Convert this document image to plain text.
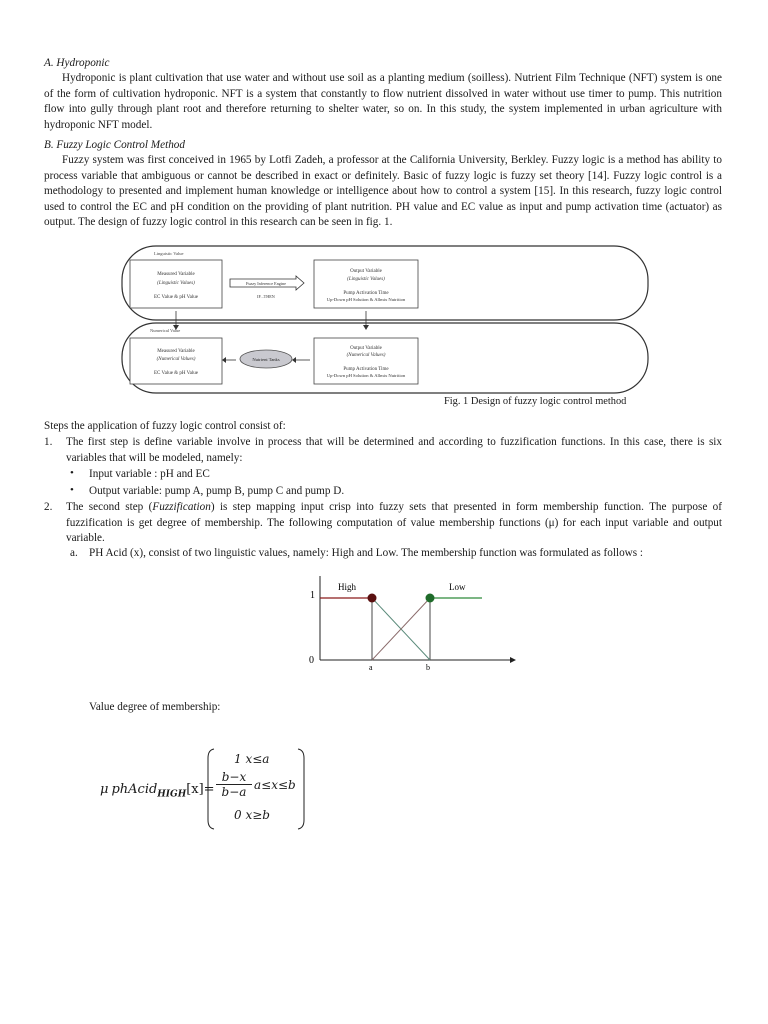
A. Hydroponic
Hydroponic is plant cultivation that use water and without use soil as a planting medium (soilless). Nutrient Film Technique (NFT) system is one of the form of cultivation hydroponic. NFT is a system that constantly to flow nutrient dissolved in water without use timer to pump. This nutrition flow into gully through plant root and therefore returning to shelter water, so on. In this study, the system implemented in urban agriculture with hydroponic NFT model.
B. Fuzzy Logic Control Method
Fuzzy system was first conceived in 1965 by Lotfi Zadeh, a professor at the California University, Berkley. Fuzzy logic is a method has ability to process variable that ambiguous or cannot be described in exact or definitely. Basic of fuzzy logic is fuzzy set theory [14]. Fuzzy logic control is a methodology to presented and implement human knowledge or intelligence about how to control a system [15]. In this research, fuzzy logic control used to control the EC and pH condition on the providing of plant nutrition. PH value and EC value as input and pump activation time (actuator) as output. The design of fuzzy logic control in this research can be seen in fig. 1.
Linguistic Value
Measured Variable
(Linguistic Values)
EC Value & pH Value
Fuzzy Inference Engine
IF...THEN
Output Variable
(Linguistic Values)
Pump Activation Time
Up-Down pH Solution & Allmix Nutrition
Numerical Value
Measured Variable
(Numerical Values)
EC Value & pH Value
Nutrient Tanks
Output Variable
(Numerical Values)
Pump Activation Time
Up-Down pH Solution & Allmix Nutrition
Fig. 1 Design of fuzzy logic control method
Steps the application of fuzzy logic control consist of:
1. The first step is define variable involve in process that will be determined and according to fuzzification functions. In this case, there is six variables that will be modeled, namely:
• Input variable : pH and EC
• Output variable: pump A, pump B, pump C and pump D.
2. The second step (Fuzzification) is step mapping input crisp into fuzzy sets that presented in form membership function. The purpose of fuzzification is get degree of membership. The following computation of value membership functions (μ) for each input variable and output variable.
a. PH Acid (x), consist of two linguistic values, namely: High and Low. The membership function was formulated as follows :
1
0
High	Low
a	b
Value degree of membership:
μ phAcid$_{HIGH}$[x]=
1 x≤a
$\frac{b-x}{b-a} a\le x\le b$
0 x≥b
